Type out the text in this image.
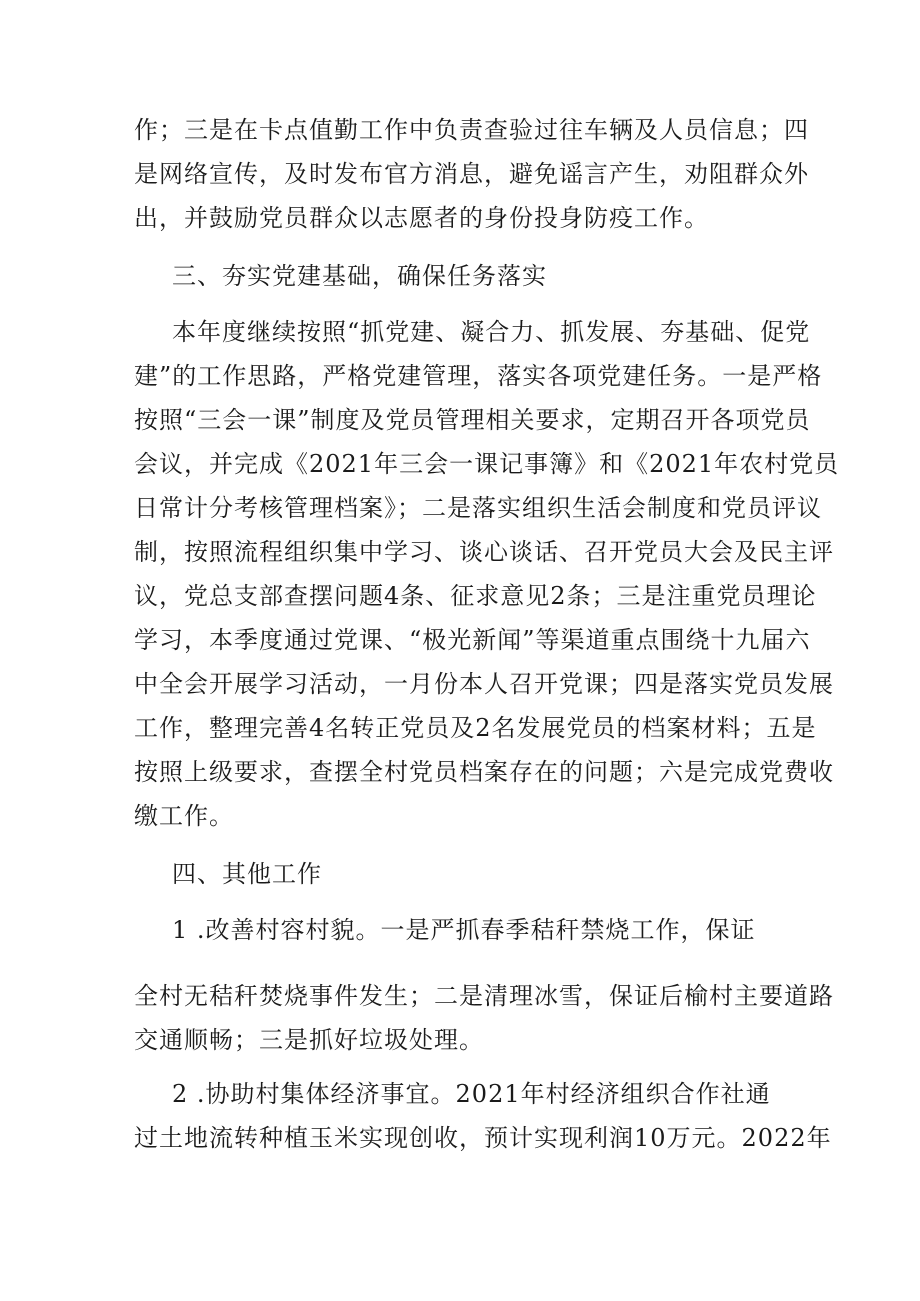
作；三是在卡点值勤工作中负责查验过往车辆及人员信息；四
是网络宣传，及时发布官方消息，避免谣言产生，劝阻群众外
出，并鼓励党员群众以志愿者的身份投身防疫工作。
三、夯实党建基础，确保任务落实
本年度继续按照“抓党建、凝合力、抓发展、夯基础、促党
建”的工作思路，严格党建管理，落实各项党建任务。一是严格
按照“三会一课”制度及党员管理相关要求，定期召开各项党员
会议，并完成《2021年三会一课记事簿》和《2021年农村党员
日常计分考核管理档案》；二是落实组织生活会制度和党员评议
制，按照流程组织集中学习、谈心谈话、召开党员大会及民主评
议，党总支部查摆问题4条、征求意见2条；三是注重党员理论
学习，本季度通过党课、“极光新闻”等渠道重点围绕十九届六
中全会开展学习活动，一月份本人召开党课；四是落实党员发展
工作，整理完善4名转正党员及2名发展党员的档案材料；五是
按照上级要求，查摆全村党员档案存在的问题；六是完成党费收
缴工作。
四、其他工作
1 .改善村容村貌。一是严抓春季秸秆禁烧工作，保证
全村无秸秆焚烧事件发生；二是清理冰雪，保证后榆村主要道路
交通顺畅；三是抓好垃圾处理。
2 .协助村集体经济事宜。2021年村经济组织合作社通
过土地流转种植玉米实现创收，预计实现利润10万元。2022年
